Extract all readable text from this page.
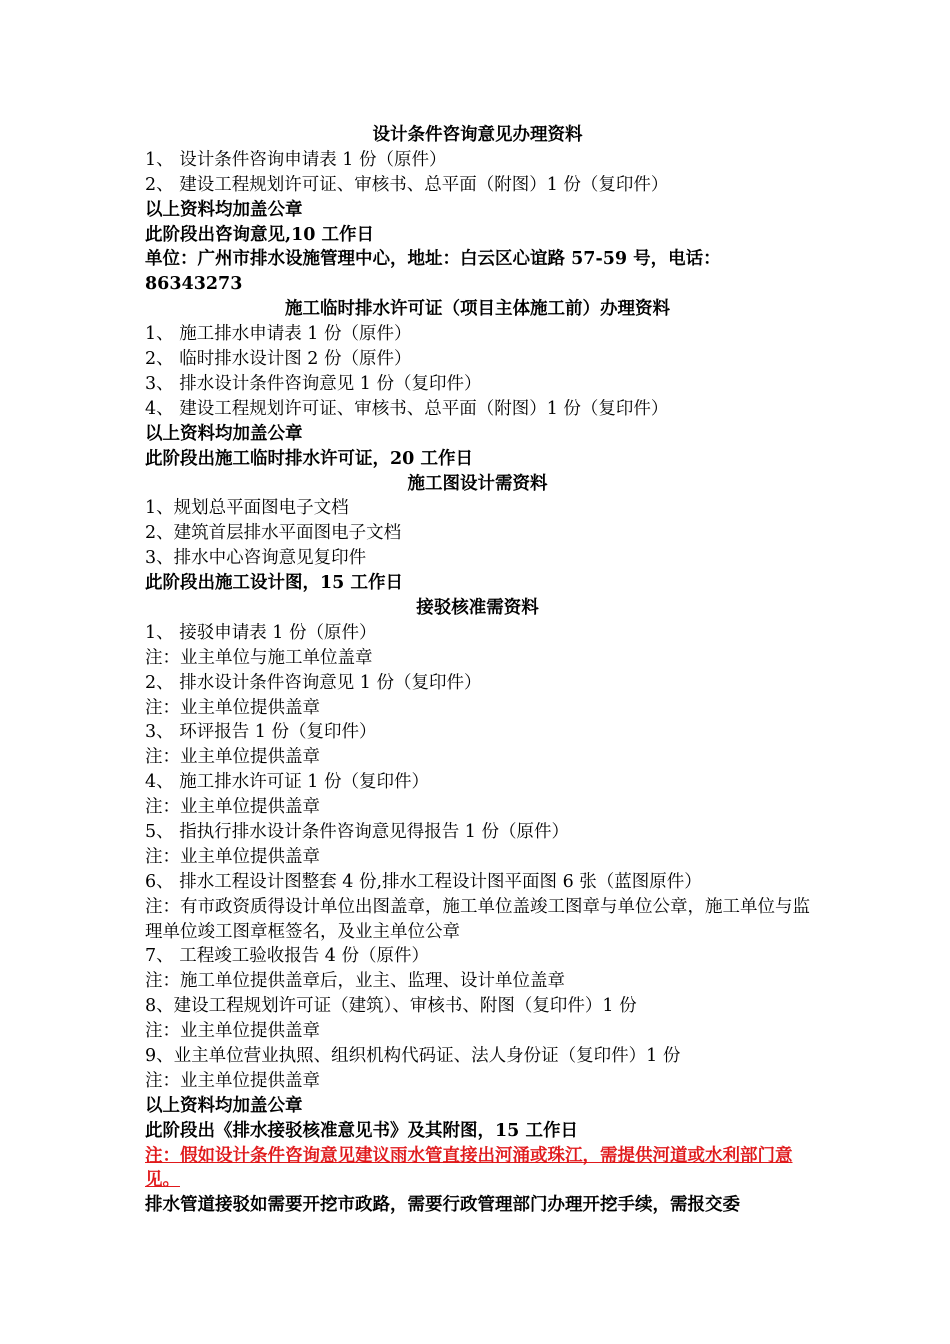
设计条件咨询意见办理资料
1、 设计条件咨询申请表 1 份（原件）
2、 建设工程规划许可证、审核书、总平面（附图）1 份（复印件）
以上资料均加盖公章
此阶段出咨询意见,10 工作日
单位：广州市排水设施管理中心，地址：白云区心谊路 57-59 号，电话：86343273
施工临时排水许可证（项目主体施工前）办理资料
1、 施工排水申请表 1 份（原件）
2、 临时排水设计图 2 份（原件）
3、 排水设计条件咨询意见 1 份（复印件）
4、 建设工程规划许可证、审核书、总平面（附图）1 份（复印件）
以上资料均加盖公章
此阶段出施工临时排水许可证，20 工作日
施工图设计需资料
1、规划总平面图电子文档
2、建筑首层排水平面图电子文档
3、排水中心咨询意见复印件
此阶段出施工设计图，15 工作日
接驳核准需资料
1、 接驳申请表 1 份（原件）
注：业主单位与施工单位盖章
2、 排水设计条件咨询意见 1 份（复印件）
注：业主单位提供盖章
3、 环评报告 1 份（复印件）
注：业主单位提供盖章
4、 施工排水许可证 1 份（复印件）
注：业主单位提供盖章
5、 指执行排水设计条件咨询意见得报告 1 份（原件）
注：业主单位提供盖章
6、 排水工程设计图整套 4 份,排水工程设计图平面图 6 张（蓝图原件）
注：有市政资质得设计单位出图盖章，施工单位盖竣工图章与单位公章，施工单位与监理单位竣工图章框签名，及业主单位公章
7、 工程竣工验收报告 4 份（原件）
注：施工单位提供盖章后，业主、监理、设计单位盖章
8、建设工程规划许可证（建筑）、审核书、附图（复印件）1 份
注：业主单位提供盖章
9、业主单位营业执照、组织机构代码证、法人身份证（复印件）1 份
注：业主单位提供盖章
以上资料均加盖公章
此阶段出《排水接驳核准意见书》及其附图，15 工作日
注：假如设计条件咨询意见建议雨水管直接出河涌或珠江，需提供河道或水利部门意见。
排水管道接驳如需要开挖市政路，需要行政管理部门办理开挖手续，需报交委
